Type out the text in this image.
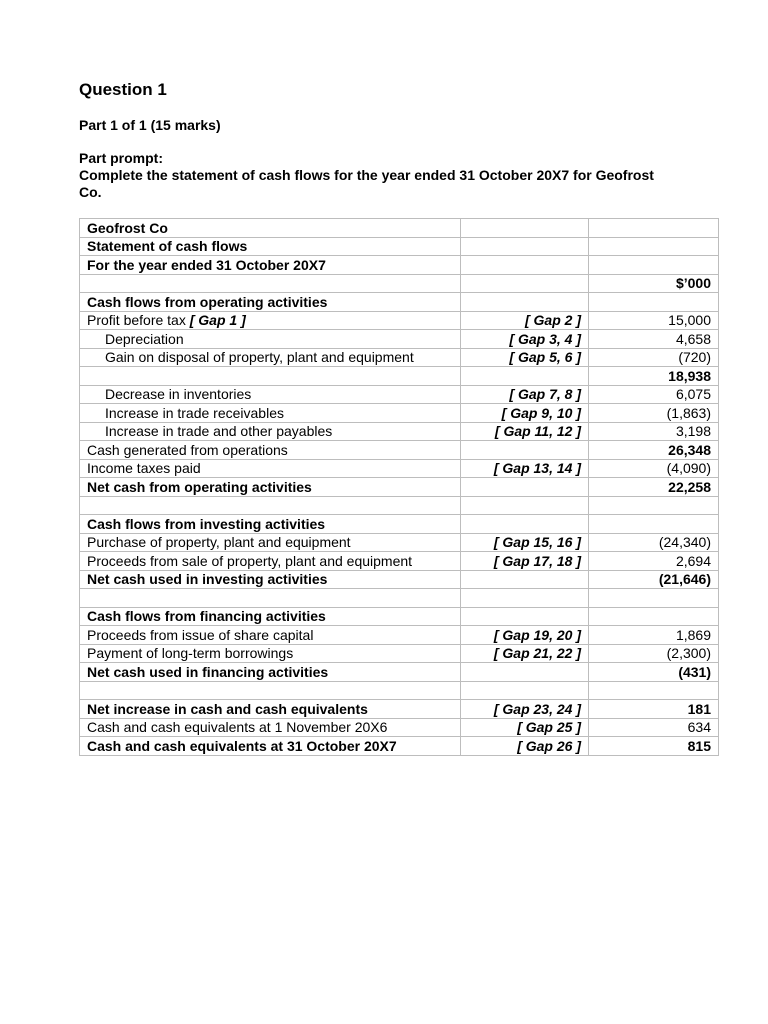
Question 1
Part 1 of 1 (15 marks)
Part prompt:
Complete the statement of cash flows for the year ended 31 October 20X7 for Geofrost Co.
Geofrost Co		
Statement of cash flows		
For the year ended 31 October 20X7		
		$’000
Cash flows from operating activities		
Profit before tax [ Gap 1 ]	[ Gap 2 ]	15,000
Depreciation	[ Gap 3, 4 ]	4,658
Gain on disposal of property, plant and equipment	[ Gap 5, 6 ]	(720)
		18,938
Decrease in inventories	[ Gap 7, 8 ]	6,075
Increase in trade receivables	[ Gap 9, 10 ]	(1,863)
Increase in trade and other payables	[ Gap 11, 12 ]	3,198
Cash generated from operations		26,348
Income taxes paid	[ Gap 13, 14 ]	(4,090)
Net cash from operating activities		22,258

Cash flows from investing activities		
Purchase of property, plant and equipment	[ Gap 15, 16 ]	(24,340)
Proceeds from sale of property, plant and equipment	[ Gap 17, 18 ]	2,694
Net cash used in investing activities		(21,646)

Cash flows from financing activities		
Proceeds from issue of share capital	[ Gap 19, 20 ]	1,869
Payment of long-term borrowings	[ Gap 21, 22 ]	(2,300)
Net cash used in financing activities		(431)

Net increase in cash and cash equivalents	[ Gap 23, 24 ]	181
Cash and cash equivalents at 1 November 20X6	[ Gap 25 ]	634
Cash and cash equivalents at 31 October 20X7	[ Gap 26 ]	815
